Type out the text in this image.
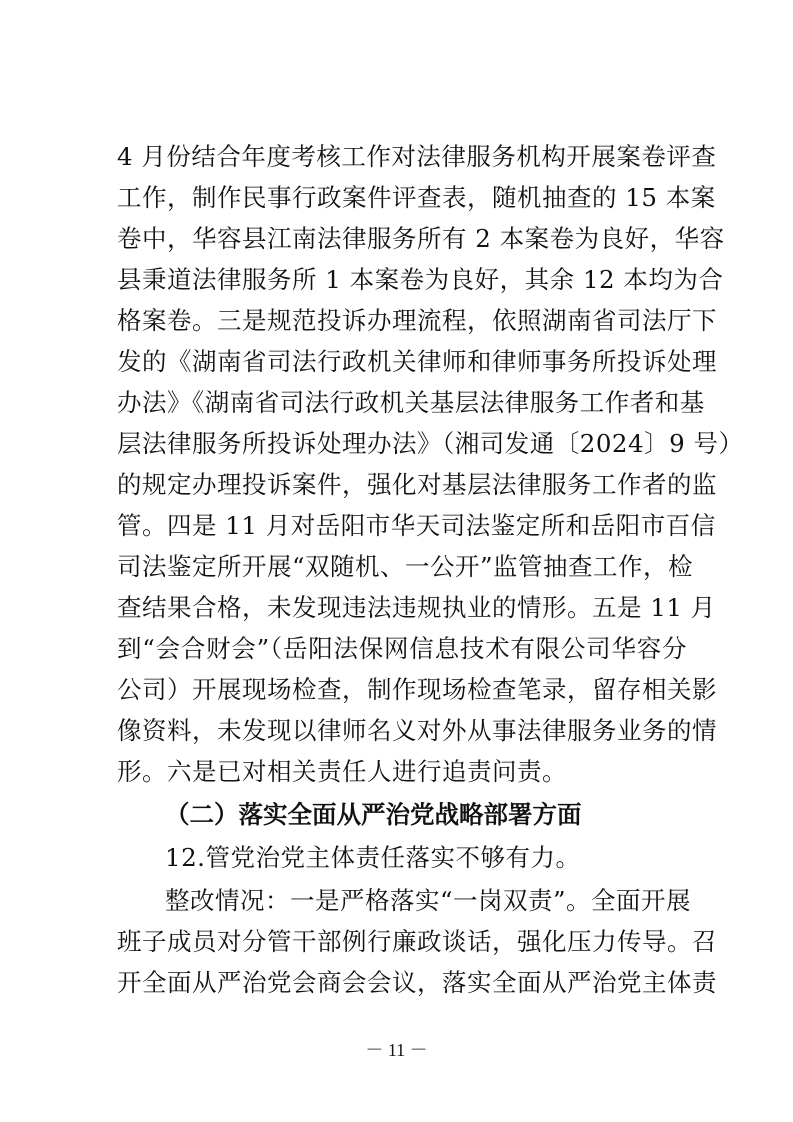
4 月份结合年度考核工作对法律服务机构开展案卷评查
工作，制作民事行政案件评查表，随机抽查的 15 本案
卷中，华容县江南法律服务所有 2 本案卷为良好，华容
县秉道法律服务所 1 本案卷为良好，其余 12 本均为合
格案卷。三是规范投诉办理流程，依照湖南省司法厅下
发的《湖南省司法行政机关律师和律师事务所投诉处理
办法》《湖南省司法行政机关基层法律服务工作者和基
层法律服务所投诉处理办法》（湘司发通〔2024〕9 号）
的规定办理投诉案件，强化对基层法律服务工作者的监
管。四是 11 月对岳阳市华天司法鉴定所和岳阳市百信
司法鉴定所开展“双随机、一公开”监管抽查工作，检
查结果合格，未发现违法违规执业的情形。五是 11 月
到“会合财会”（岳阳法保网信息技术有限公司华容分
公司）开展现场检查，制作现场检查笔录，留存相关影
像资料，未发现以律师名义对外从事法律服务业务的情
形。六是已对相关责任人进行追责问责。
（二）落实全面从严治党战略部署方面
12.管党治党主体责任落实不够有力。
整改情况：一是严格落实“一岗双责”。全面开展
班子成员对分管干部例行廉政谈话，强化压力传导。召
开全面从严治党会商会会议，落实全面从严治党主体责
－ 11 －
